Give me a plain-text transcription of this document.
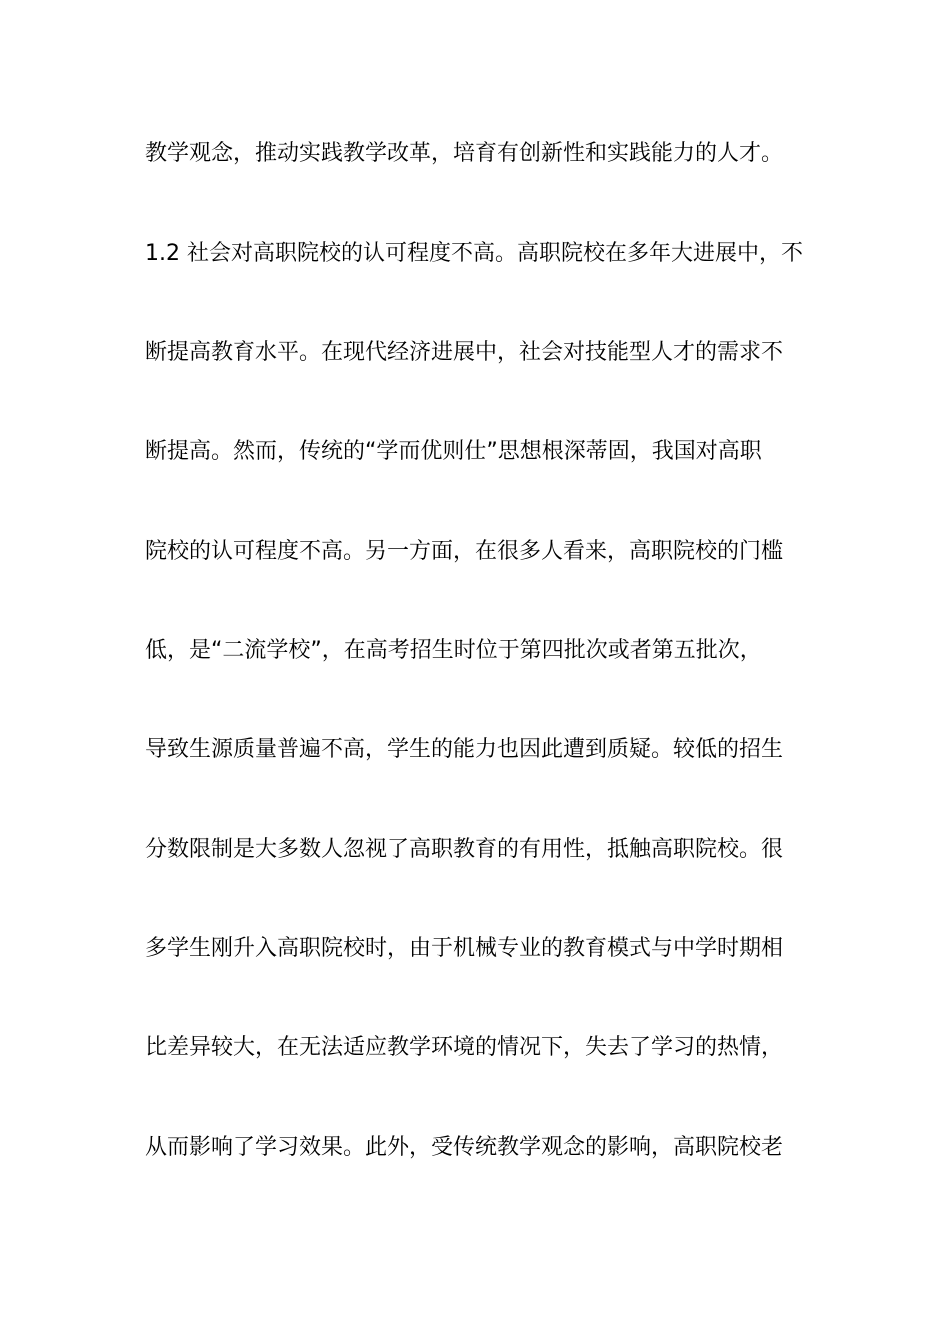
教学观念，推动实践教学改革，培育有创新性和实践能力的人才。
1.2 社会对高职院校的认可程度不高。高职院校在多年大进展中，不
断提高教育水平。在现代经济进展中，社会对技能型人才的需求不
断提高。然而，传统的“学而优则仕”思想根深蒂固，我国对高职
院校的认可程度不高。另一方面，在很多人看来，高职院校的门槛
低，是“二流学校”，在高考招生时位于第四批次或者第五批次，
导致生源质量普遍不高，学生的能力也因此遭到质疑。较低的招生
分数限制是大多数人忽视了高职教育的有用性，抵触高职院校。很
多学生刚升入高职院校时，由于机械专业的教育模式与中学时期相
比差异较大，在无法适应教学环境的情况下，失去了学习的热情，
从而影响了学习效果。此外，受传统教学观念的影响，高职院校老
